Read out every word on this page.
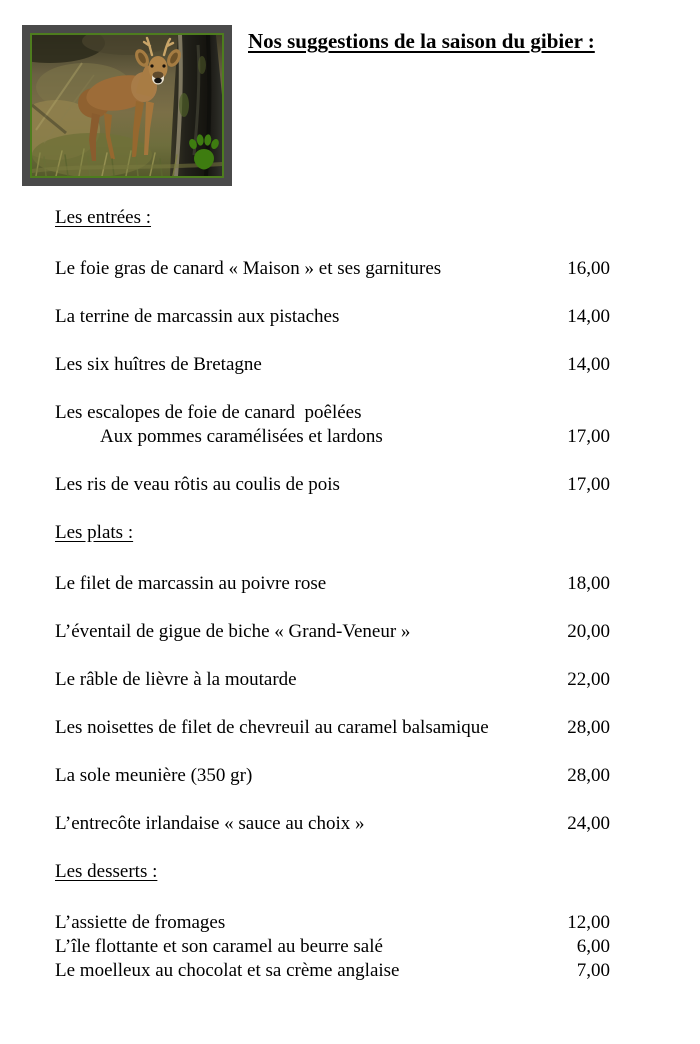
Nos suggestions de la saison du gibier :
Les entrées :
Le foie gras de canard « Maison » et ses garnitures	16,00
La terrine de marcassin aux pistaches	14,00
Les six huîtres de Bretagne	14,00
Les escalopes de foie de canard  poêlées
Aux pommes caramélisées et lardons	17,00
Les ris de veau rôtis au coulis de pois	17,00
Les plats :
Le filet de marcassin au poivre rose	18,00
L’éventail de gigue de biche « Grand-Veneur »	20,00
Le râble de lièvre à la moutarde	22,00
Les noisettes de filet de chevreuil au caramel balsamique	28,00
La sole meunière (350 gr)	28,00
L’entrecôte irlandaise « sauce au choix »	24,00
Les desserts :
L’assiette de fromages	12,00
L’île flottante et son caramel au beurre salé	6,00
Le moelleux au chocolat et sa crème anglaise	7,00
